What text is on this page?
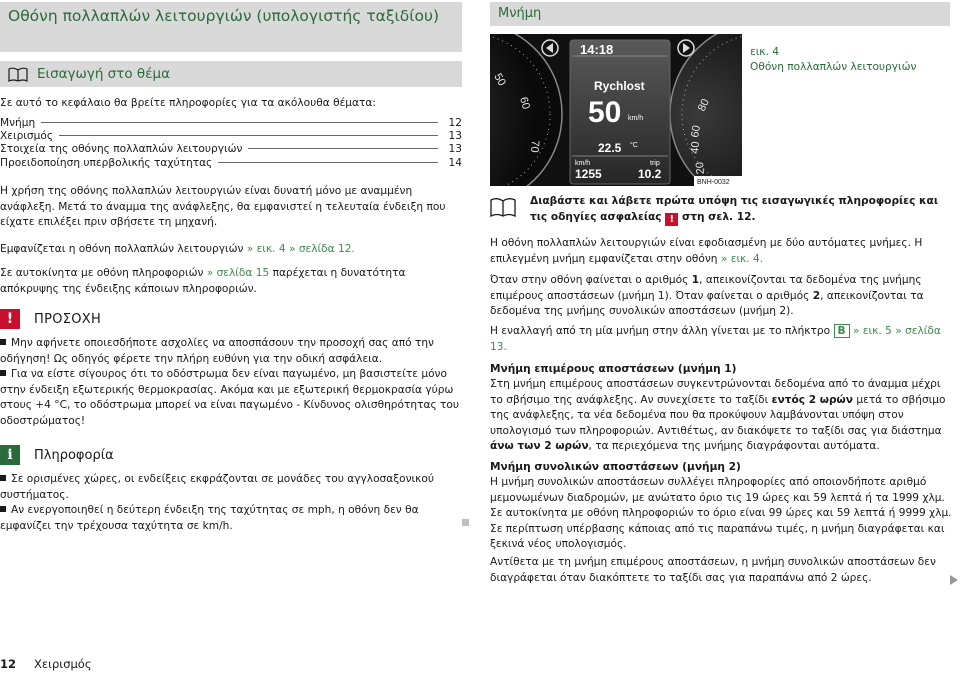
Οθόνη πολλαπλών λειτουργιών (υπολογιστής ταξιδίου)
Εισαγωγή στο θέμα
Σε αυτό το κεφάλαιο θα βρείτε πληροφορίες για τα ακόλουθα θέματα:
Μνήμη	12
Χειρισμός	13
Στοιχεία της οθόνης πολλαπλών λειτουργιών	13
Προειδοποίηση υπερβολικής ταχύτητας	14
Η χρήση της οθόνης πολλαπλών λειτουργιών είναι δυνατή μόνο με αναμμένη ανάφλεξη. Μετά το άναμμα της ανάφλεξης, θα εμφανιστεί η τελευταία ένδειξη που είχατε επιλέξει πριν σβήσετε τη μηχανή.
Εμφανίζεται η οθόνη πολλαπλών λειτουργιών » εικ. 4 » σελίδα 12.
Σε αυτοκίνητα με οθόνη πληροφοριών » σελίδα 15 παρέχεται η δυνατότητα απόκρυψης της ένδειξης κάποιων πληροφοριών.
!	ΠΡΟΣΟΧΗ
Μην αφήνετε οποιεσδήποτε ασχολίες να αποσπάσουν την προσοχή σας από την οδήγηση! Ως οδηγός φέρετε την πλήρη ευθύνη για την οδική ασφάλεια.
Για να είστε σίγουρος ότι το οδόστρωμα δεν είναι παγωμένο, μη βασιστείτε μόνο στην ένδειξη εξωτερικής θερμοκρασίας. Ακόμα και με εξωτερική θερμοκρασία γύρω στους +4 °C, το οδόστρωμα μπορεί να είναι παγωμένο - Κίνδυνος ολισθηρότητας του οδοστρώματος!
i	Πληροφορία
Σε ορισμένες χώρες, οι ενδείξεις εκφράζονται σε μονάδες του αγγλοσαξονικού συστήματος.
Αν ενεργοποιηθεί η δεύτερη ένδειξη της ταχύτητας σε mph, η οθόνη δεν θα εμφανίζει την τρέχουσα ταχύτητα σε km/h.
12 Χειρισμός
Μνήμη
50
60
70
80
60
40
20
14:18
Rychlost
50 km/h
22.5 °C
km/h
1255
trip
10.2
BNH-0032
εικ. 4
Οθόνη πολλαπλών λειτουργιών
Διαβάστε και λάβετε πρώτα υπόψη τις εισαγωγικές πληροφορίες και τις οδηγίες ασφαλείας ! στη σελ. 12.
Η οθόνη πολλαπλών λειτουργιών είναι εφοδιασμένη με δύο αυτόματες μνήμες. Η επιλεγμένη μνήμη εμφανίζεται στην οθόνη » εικ. 4.
Όταν στην οθόνη φαίνεται ο αριθμός 1, απεικονίζονται τα δεδομένα της μνήμης επιμέρους αποστάσεων (μνήμη 1). Όταν φαίνεται ο αριθμός 2, απεικονίζονται τα δεδομένα της μνήμης συνολικών αποστάσεων (μνήμη 2).
Η εναλλαγή από τη μία μνήμη στην άλλη γίνεται με το πλήκτρο B » εικ. 5 » σελίδα 13.
Μνήμη επιμέρους αποστάσεων (μνήμη 1)
Στη μνήμη επιμέρους αποστάσεων συγκεντρώνονται δεδομένα από το άναμμα μέχρι το σβήσιμο της ανάφλεξης. Αν συνεχίσετε το ταξίδι εντός 2 ωρών μετά το σβήσιμο της ανάφλεξης, τα νέα δεδομένα που θα προκύψουν λαμβάνονται υπόψη στον υπολογισμό των πληροφοριών. Αντιθέτως, αν διακόψετε το ταξίδι σας για διάστημα άνω των 2 ωρών, τα περιεχόμενα της μνήμης διαγράφονται αυτόματα.
Μνήμη συνολικών αποστάσεων (μνήμη 2)
Η μνήμη συνολικών αποστάσεων συλλέγει πληροφορίες από οποιονδήποτε αριθμό μεμονωμένων διαδρομών, με ανώτατο όριο τις 19 ώρες και 59 λεπτά ή τα 1999 χλμ. Σε αυτοκίνητα με οθόνη πληροφοριών το όριο είναι 99 ώρες και 59 λεπτά ή 9999 χλμ. Σε περίπτωση υπέρβασης κάποιας από τις παραπάνω τιμές, η μνήμη διαγράφεται και ξεκινά νέος υπολογισμός.
Αντίθετα με τη μνήμη επιμέρους αποστάσεων, η μνήμη συνολικών αποστάσεων δεν διαγράφεται όταν διακόπτετε το ταξίδι σας για παραπάνω από 2 ώρες.
